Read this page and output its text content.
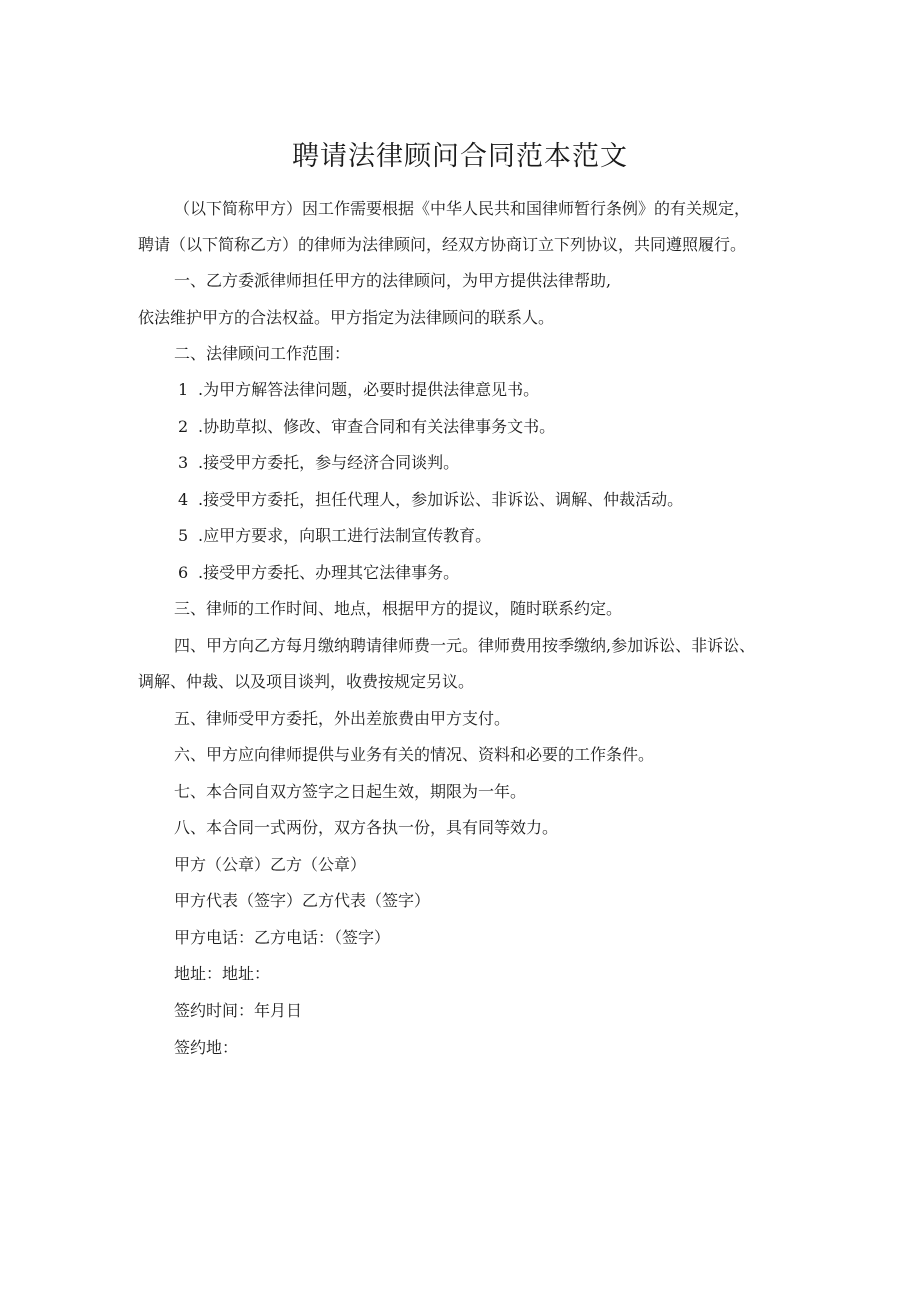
聘请法律顾问合同范本范文
（以下简称甲方）因工作需要根据《中华人民共和国律师暂行条例》的有关规定，
聘请（以下简称乙方）的律师为法律顾问，经双方协商订立下列协议，共同遵照履行。
一、乙方委派律师担任甲方的法律顾问，为甲方提供法律帮助,
依法维护甲方的合法权益。甲方指定为法律顾问的联系人。
二、法律顾问工作范围：
1 .为甲方解答法律问题，必要时提供法律意见书。
2 .协助草拟、修改、审查合同和有关法律事务文书。
3 .接受甲方委托，参与经济合同谈判。
4 .接受甲方委托，担任代理人，参加诉讼、非诉讼、调解、仲裁活动。
5 .应甲方要求，向职工进行法制宣传教育。
6 .接受甲方委托、办理其它法律事务。
三、律师的工作时间、地点，根据甲方的提议，随时联系约定。
四、甲方向乙方每月缴纳聘请律师费一元。律师费用按季缴纳,参加诉讼、非诉讼、
调解、仲裁、以及项目谈判，收费按规定另议。
五、律师受甲方委托，外出差旅费由甲方支付。
六、甲方应向律师提供与业务有关的情况、资料和必要的工作条件。
七、本合同自双方签字之日起生效，期限为一年。
八、本合同一式两份，双方各执一份，具有同等效力。
甲方（公章）乙方（公章）
甲方代表（签字）乙方代表（签字）
甲方电话：乙方电话：（签字）
地址：地址：
签约时间：年月日
签约地：
